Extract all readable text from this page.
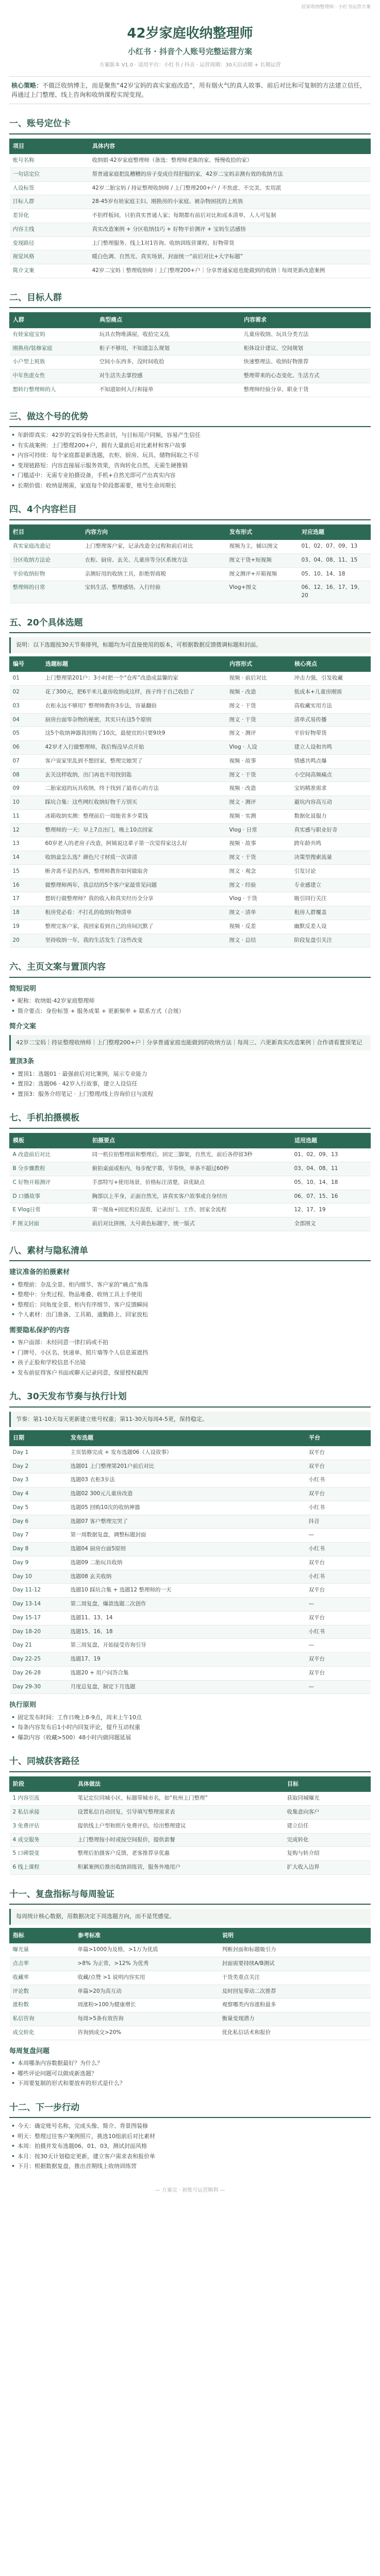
居家收纳整理师 · 小红书运营方案
42岁家庭收纳整理师
小红书 · 抖音个人账号完整运营方案
方案版本 V1.0 · 适用平台：小红书 / 抖音 · 运营周期：30天启动期 + 长期运营
核心策略：不做泛收纳博主，而是聚焦“42岁宝妈的真实家庭改造”，用有烟火气的真人故事、前后对比和可复制的方法建立信任，再通过上门整理、线上咨询和收纳课程实现变现。
一、账号定位卡
项目	具体内容
账号名称	收纳姐·42岁家庭整理师（备选：整理师老陈的家、慢慢收拾的家）
一句话定位	帮普通家庭把乱糟糟的房子变成住得舒服的家，42岁二宝妈亲测有效的收纳方法
人设标签	42岁二胎宝妈 / 持证整理收纳师 / 上门整理200+户 / 不焦虑、不完美、实用派
目标人群	28-45岁有娃家庭主妇、刚换房的小家庭、被杂物困扰的上班族
差异化	不拍样板间，只拍真实普通人家；每期都有前后对比和成本清单，人人可复制
内容主线	真实改造案例 + 分区收纳技巧 + 好物平价测评 + 宝妈生活感悟
变现路径	上门整理服务、线上1对1咨询、收纳训练营课程、好物带货
视觉风格	暖白色调、自然光、真实场景，封面统一“前后对比+大字标题”
简介文案	42岁二宝妈｜整理收纳师｜上门整理200+户｜分享普通家庭也能做到的收纳｜每周更新改造案例
二、目标人群
人群	典型痛点	内容需求
有娃家庭宝妈	玩具衣物堆满屋，收拾完又乱	儿童房收纳、玩具分类方法
刚换房/装修家庭	柜子不够用，不知道怎么规划	柜体设计建议、空间规划
小户型上班族	空间小东西多，没时间收拾	快速整理法、收纳好物推荐
中年焦虑女性	对生活失去掌控感	整理带来的心态变化、生活方式
想转行整理师的人	不知道如何入行和接单	整理师经验分享、职业干货
三、做这个号的优势
• 年龄即真实：42岁的宝妈身份天然亲切，与目标用户同频，容易产生信任
• 有实战案例：上门整理200+户，拥有大量前后对比素材和客户故事
• 内容可持续：每个家庭都是新选题，衣柜、厨房、玩具、储物间取之不尽
• 变现链路短：内容直接展示服务效果，咨询转化自然，无需生硬推销
• 门槛适中：无需专业拍摄设备，手机+自然光即可产出真实内容
• 长期价值：收纳是刚需，家庭每个阶段都需要，账号生命周期长
四、4个内容栏目
栏目	内容方向	发布形式	对应选题
真实家庭改造记	上门整理客户家，记录改造全过程和前后对比	视频为主，辅以图文	01、02、07、09、13
分区收纳方法论	衣柜、厨房、玄关、儿童房等分区系统方法	图文干货+短视频	03、04、08、11、15
平价收纳好物	亲测好用的收纳工具，拒绝智商税	图文测评+开箱视频	05、10、14、18
整理师的日常	宝妈生活、整理感悟、入行经验	Vlog+图文	06、12、16、17、19、20
五、20个具体选题
说明：以下选题按30天节奏排列，标题均为可直接使用的版本，可根据数据反馈微调标题和封面。
编号	选题标题	内容形式	核心亮点
01	上门整理第201户：3小时把一个“仓库”改造成温馨的家	视频 · 前后对比	冲击力强，引发收藏
02	花了300元，把6平米儿童房收纳成这样，孩子终于自己收拾了	视频 · 改造	低成本+儿童房刚需
03	衣柜永远不够用？整理师教你3步法，容量翻倍	图文 · 干货	高收藏实用方法
04	厨房台面零杂物的秘密，其实只有这5个原则	图文 · 干货	清单式易传播
05	这5个收纳神器我回购了10次，最便宜的只要9块9	图文 · 测评	平价好物带货
06	42岁才入行做整理师，我后悔没早点开始	Vlog · 人设	建立人设和共鸣
07	客户说家里乱到不想回家，整理完她哭了	视频 · 故事	情感共鸣点爆
08	玄关这样收纳，出门再也不用找钥匙	图文 · 干货	小空间高频痛点
09	二胎家庭的玩具收纳，终于找到了最省心的方法	视频 · 改造	宝妈精准需求
10	踩坑合集：这些网红收纳好物千万别买	图文 · 测评	避坑内容高互动
11	冰箱收纳实测：整理前后一周能省多少菜钱	视频 · 实测	数据化说服力
12	整理师的一天：早上7点出门，晚上10点回家	Vlog · 日常	真实感与职业好奇
13	60岁老人的老房子改造，阿姨说这辈子第一次觉得家这么好	视频 · 故事	跨年龄共鸣
14	收纳盒怎么选？颜色尺寸材质一次讲清	图文 · 干货	决策型搜索流量
15	断舍离不是扔东西，整理师教你如何做取舍	图文 · 观念	引发讨论
16	做整理师两年，我总结的5个客户家最常见问题	图文 · 经验	专业感建立
17	想转行做整理师？我的收入和真实经历全分享	Vlog · 干货	吸引同行关注
18	租房党必看：不打孔的收纳好物清单	图文 · 清单	租房人群覆盖
19	整理完客户家，我回家看到自己的房间沉默了	视频 · 反差	幽默反差人设
20	坚持收纳一年，我的生活发生了这些改变	图文 · 总结	阶段复盘引关注
六、主页文案与置顶内容
简短说明
• 昵称：收纳姐·42岁家庭整理师
• 简介要点：身份标签 + 服务成果 + 更新频率 + 联系方式（合规）
简介文案
42岁二宝妈｜持证整理收纳师｜上门整理200+户｜分享普通家庭也能做到的收纳方法｜每周三、六更新真实改造案例｜合作请看置顶笔记
置顶3条
• 置顶1：选题01 · 最强前后对比案例，展示专业能力
• 置顶2：选题06 · 42岁入行故事，建立人设信任
• 置顶3：服务介绍笔记 · 上门整理/线上咨询价目与流程
七、手机拍摄模板
模板	拍摄要点	适用选题
A 改造前后对比	同一机位拍整理前和整理后，固定三脚架，自然光，前后各停留3秒	01、02、09、13
B 分步骤教程	俯拍桌面或柜内，每步配字幕，节奏快，单条不超过60秒	03、04、08、11
C 好物开箱测评	手部特写+使用场景，价格标注清楚，讲优缺点	05、10、14、18
D 口播故事	胸部以上半身，正面自然光，讲真实客户故事或自身经历	06、07、15、16
E Vlog日常	第一视角+固定机位混剪，记录出门、工作、回家全流程	12、17、19
F 图文封面	前后对比拼图，大号黄色标题字，统一版式	全部图文
八、素材与隐私清单
建议准备的拍摄素材
• 整理前：杂乱全景、柜内细节、客户家的“痛点”角落
• 整理中：分类过程、物品堆叠、收纳工具上手使用
• 整理后：同角度全景、柜内有序细节、客户反馈瞬间
• 个人素材：出门准备、工具箱、通勤路上、回家放松
需要隐私保护的内容
• 客户面部：未经同意一律打码或不拍
• 门牌号、小区名、快递单、照片墙等个人信息需遮挡
• 孩子正脸和学校信息不出镜
• 发布前征得客户书面或聊天记录同意，保留授权截图
九、30天发布节奏与执行计划
节奏：第1-10天每天更新建立账号权重；第11-30天每周4-5更，保持稳定。
日期	发布选题	平台
Day 1	主页装修完成 + 发布选题06（人设故事）	双平台
Day 2	选题01 上门整理第201户前后对比	双平台
Day 3	选题03 衣柜3步法	小红书
Day 4	选题02 300元儿童房改造	双平台
Day 5	选题05 回购10次的收纳神器	小红书
Day 6	选题07 客户整理完哭了	抖音
Day 7	第一周数据复盘，调整标题封面	—
Day 8	选题04 厨房台面5原则	小红书
Day 9	选题09 二胎玩具收纳	双平台
Day 10	选题08 玄关收纳	小红书
Day 11-12	选题10 踩坑合集 + 选题12 整理师的一天	双平台
Day 13-14	第二周复盘，爆款选题二次创作	—
Day 15-17	选题11、13、14	双平台
Day 18-20	选题15、16、18	小红书
Day 21	第三周复盘，开始接受咨询引导	—
Day 22-25	选题17、19	双平台
Day 26-28	选题20 + 用户问答合集	双平台
Day 29-30	月度总复盘，制定下月选题	—
执行原则
• 固定发布时间：工作日晚上8-9点，周末上午10点
• 每条内容发布后1小时内回复评论，提升互动权重
• 爆款内容（收藏>500）48小时内做同题延展
十、同城获客路径
阶段	具体做法	目标
1 内容引流	笔记定位同城小区，标题带城市名，如“杭州上门整理”	获取同城曝光
2 私信承接	设置私信自动回复，引导填写整理需求表	收集意向客户
3 免费评估	提供线上户型和照片免费评估，给出整理建议	建立信任
4 成交服务	上门整理按小时或按空间报价，提供套餐	完成转化
5 口碑裂变	整理后拍摄客户反馈，老客推荐享优惠	复购与转介绍
6 线上课程	积累案例后推出收纳训练营，服务外地用户	扩大收入边界
十一、复盘指标与每周验证
每周统计核心数据，用数据决定下周选题方向，而不是凭感觉。
指标	参考标准	说明
曝光量	单篇>1000为及格，>1万为优质	判断封面和标题吸引力
点击率	>8% 为正常，>12% 为优秀	封面需要持续A/B测试
收藏率	收藏/点赞 >1 说明内容实用	干货类重点关注
评论数	单篇>20为高互动	及时回复带动二次推荐
涨粉数	周涨粉>100为健康增长	观察哪类内容涨粉最多
私信咨询	每周>5条有效咨询	衡量变现潜力
成交转化	咨询到成交>20%	优化私信话术和报价
每周复盘问题
• 本周哪条内容数据最好？为什么？
• 哪些评论问题可以做成新选题？
• 下周要复制的形式和要放弃的形式是什么？
十二、下一步行动
• 今天：确定账号名称，完成头像、简介、背景图装修
• 明天：整理过往客户案例照片，挑选10组前后对比素材
• 本周：拍摄并发布选题06、01、03，测试封面风格
• 本月：按30天计划稳定更新，建立客户需求表和报价单
• 下月：根据数据复盘，推出首期线上收纳训练营
— 方案完 · 祝账号运营顺利 —
